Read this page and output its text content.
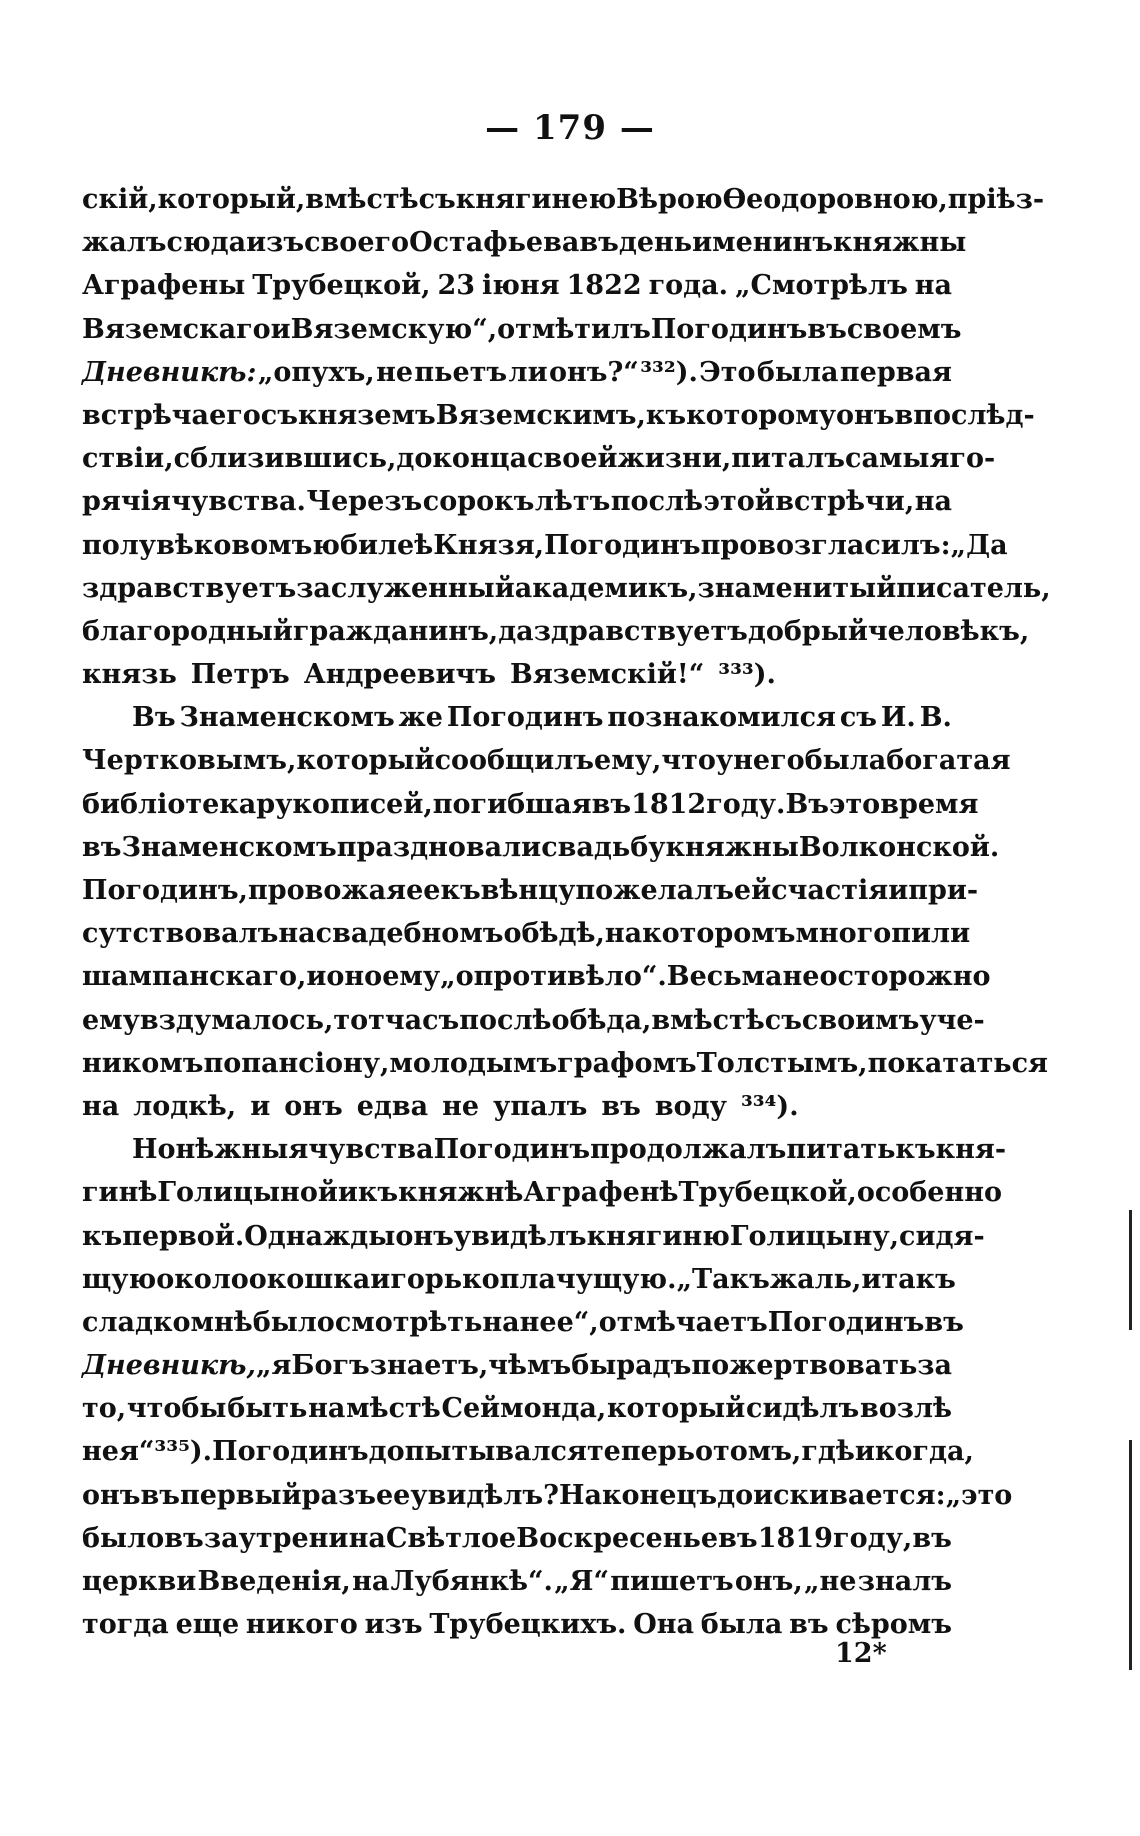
— 179 —
скій, который, вмѣстѣ съ княгинею Вѣрою Ѳеодоровною, пріѣз-
жалъ сюда изъ своего Остафьева въ день именинъ княжны
Аграфены Трубецкой, 23 іюня 1822 года. „Смотрѣлъ на
Вяземскаго и Вяземскую“, отмѣтилъ Погодинъ въ своемъ
Дневникѣ: „опухъ, не пьетъ ли онъ?“ ³³²). Это была первая
встрѣча его съ княземъ Вяземскимъ, къ которому онъ впослѣд-
ствіи, сблизившись, до конца своей жизни, питалъ самыя го-
рячія чувства. Черезъ сорокъ лѣтъ послѣ этой встрѣчи, на
полувѣковомъ юбилеѣ Князя, Погодинъ провозгласилъ: „Да
здравствуетъ заслуженный академикъ, знаменитый писатель,
благородный гражданинъ, да здравствуетъ добрый человѣкъ,
князь Петръ Андреевичъ Вяземскій!“ ³³³).
Въ Знаменскомъ же Погодинъ познакомился съ И. В.
Чертковымъ, который сообщилъ ему, что у него была богатая
библіотека рукописей, погибшая въ 1812 году. Въ это время
въ Знаменскомъ праздновали свадьбу княжны Волконской.
Погодинъ, провожая ее къ вѣнцу пожелалъ ей счастія и при-
сутствовалъ на свадебномъ обѣдѣ, на которомъ много пили
шампанскаго, и оно ему „опротивѣло“. Весьма неосторожно
ему вздумалось, тотчасъ послѣ обѣда, вмѣстѣ съ своимъ уче-
никомъ по пансіону, молодымъ графомъ Толстымъ, покататься
на лодкѣ, и онъ едва не упалъ въ воду ³³⁴).
Но нѣжныя чувства Погодинъ продолжалъ питать къ кня-
гинѣ Голицыной и къ княжнѣ Аграфенѣ Трубецкой, особенно
къ первой. Однажды онъ увидѣлъ княгиню Голицыну, сидя-
щую около окошка и горько плачущую. „Такъ жаль, и такъ
сладко мнѣ было смотрѣть на нее“, отмѣчаетъ Погодинъ въ
Дневникѣ, „я Богъ знаетъ, чѣмъ бы радъ пожертвовать за
то, чтобы быть на мѣстѣ Сеймонда, который сидѣлъ возлѣ
нея“ ³³⁵). Погодинъ допытывался теперь о томъ, гдѣ и когда,
онъ въ первый разъ ее увидѣлъ? Наконецъ доискивается: „это
было въ заутрени на Свѣтлое Воскресенье въ 1819 году, въ
церкви Введенія, на Лубянкѣ“. „Я“ пишетъ онъ, „не зналъ
тогда еще никого изъ Трубецкихъ. Она была въ сѣромъ
12*
